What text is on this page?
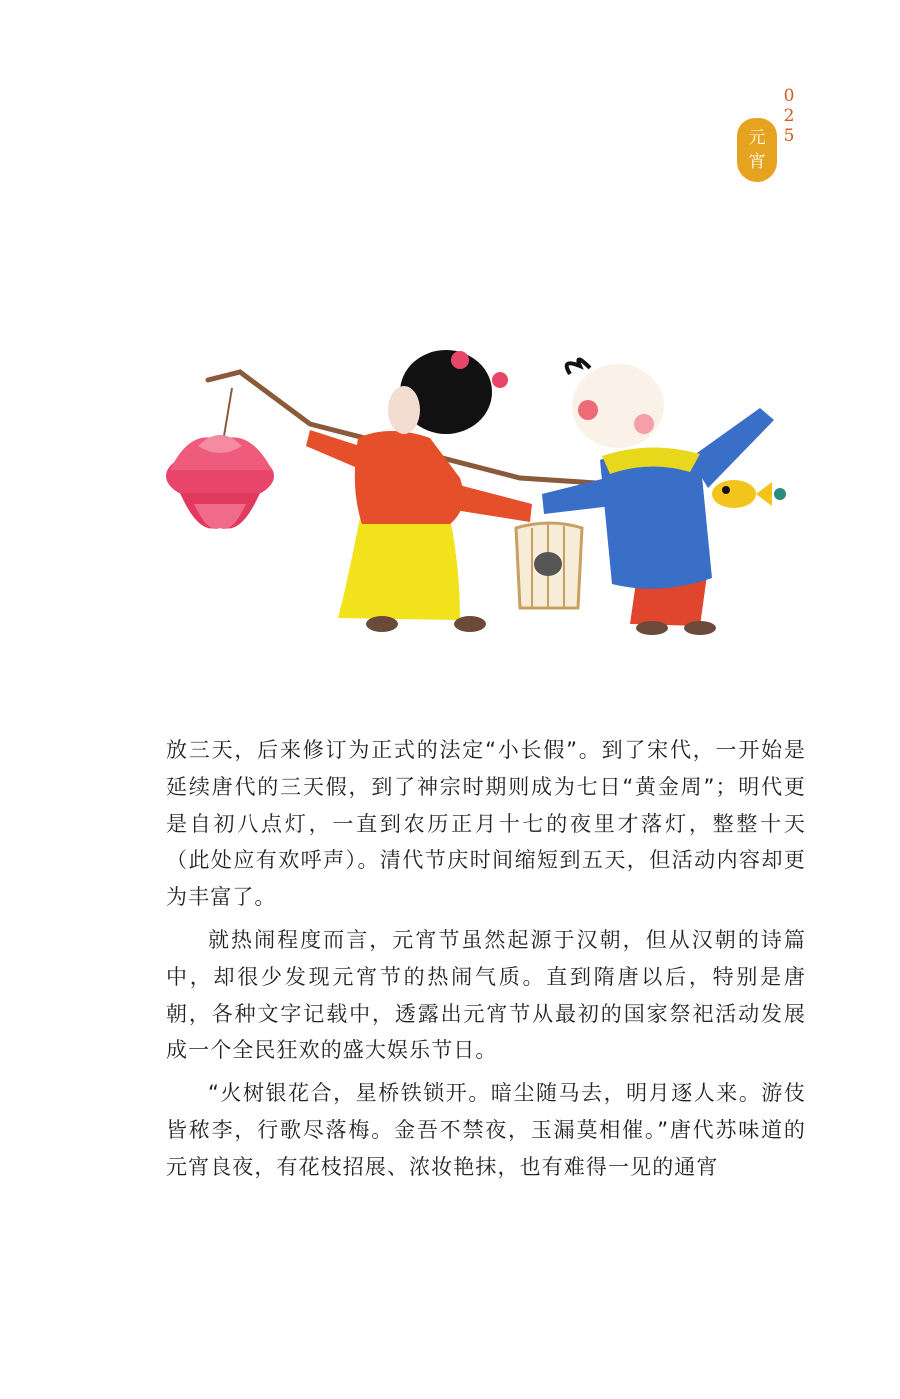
0
2
5
元
宵

放三天，后来修订为正式的法定“小长假”。到了宋代，一开始是延续唐代的三天假，到了神宗时期则成为七日“黄金周”；明代更是自初八点灯，一直到农历正月十七的夜里才落灯，整整十天（此处应有欢呼声）。清代节庆时间缩短到五天，但活动内容却更为丰富了。

就热闹程度而言，元宵节虽然起源于汉朝，但从汉朝的诗篇中，却很少发现元宵节的热闹气质。直到隋唐以后，特别是唐朝，各种文字记载中，透露出元宵节从最初的国家祭祀活动发展成一个全民狂欢的盛大娱乐节日。

“火树银花合，星桥铁锁开。暗尘随马去，明月逐人来。游伎皆秾李，行歌尽落梅。金吾不禁夜，玉漏莫相催。”唐代苏味道的元宵良夜，有花枝招展、浓妆艳抹，也有难得一见的通宵
